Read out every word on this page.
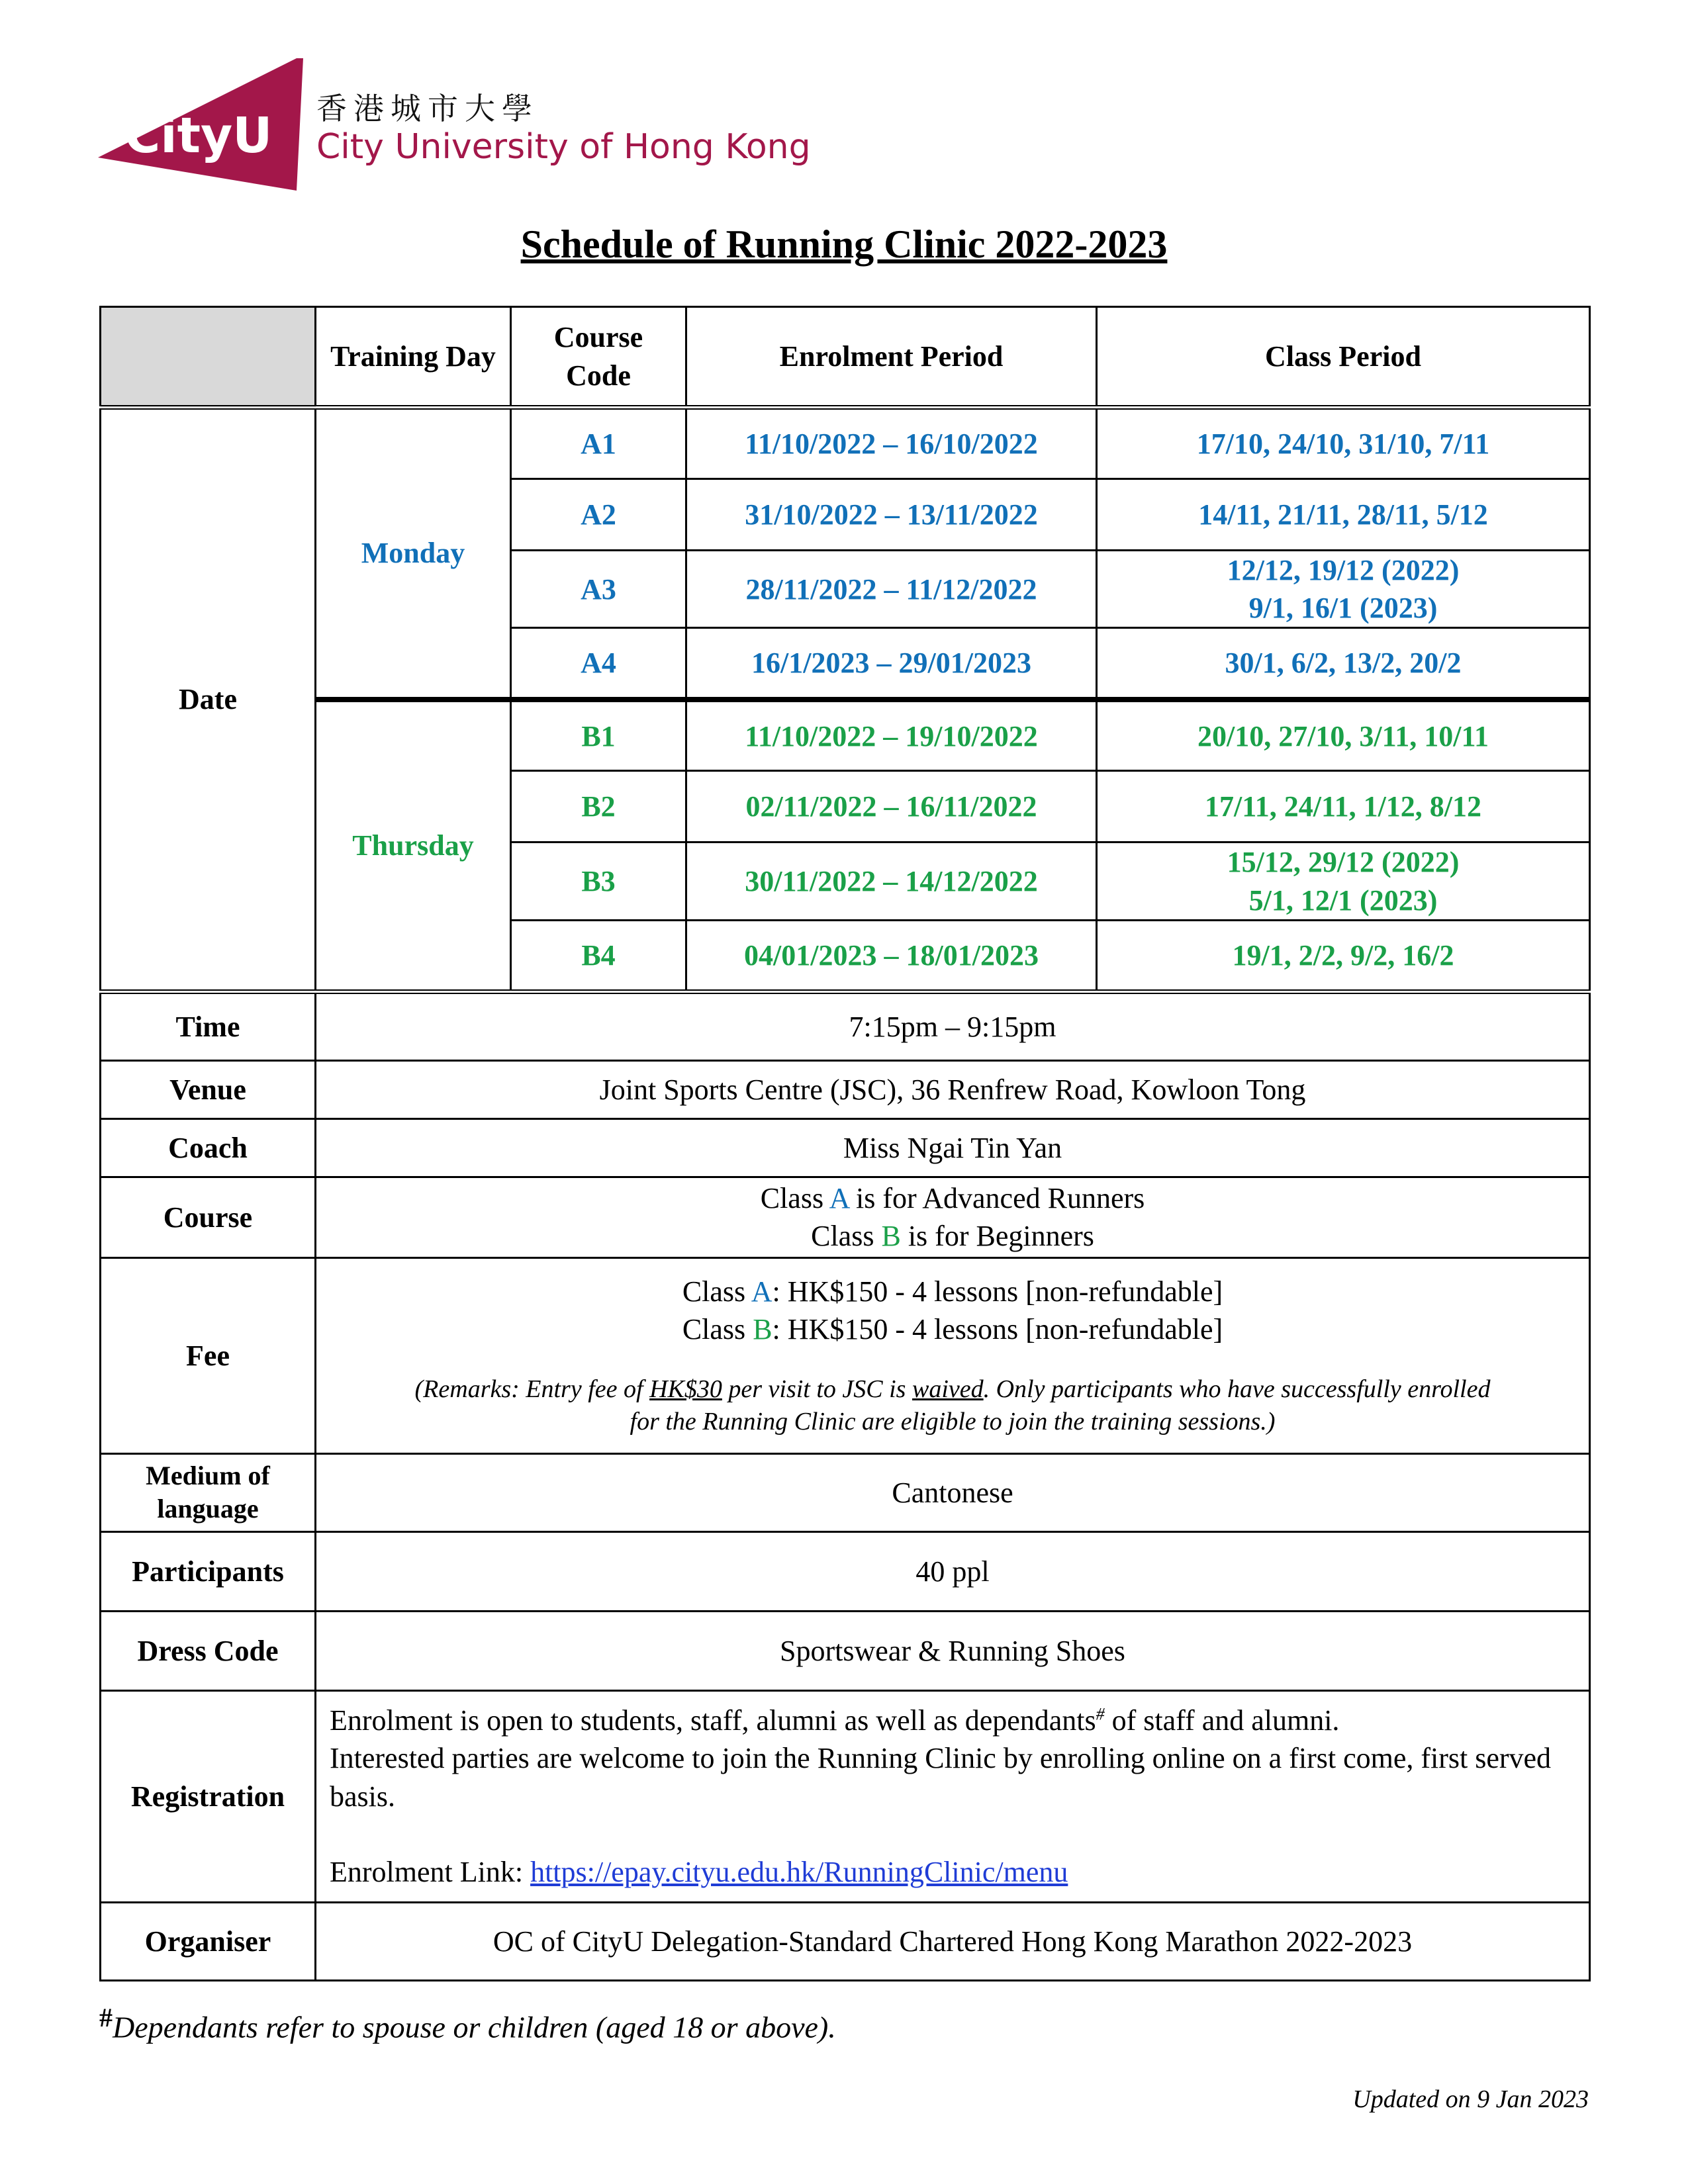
CityU 香港城市大學
City University of Hong Kong
Schedule of Running Clinic 2022-2023
	Training Day	Course Code	Enrolment Period	Class Period
Date	Monday	A1	11/10/2022 – 16/10/2022	17/10, 24/10, 31/10, 7/11
		A2	31/10/2022 – 13/11/2022	14/11, 21/11, 28/11, 5/12
		A3	28/11/2022 – 11/12/2022	12/12, 19/12 (2022)
9/1, 16/1 (2023)
		A4	16/1/2023 – 29/01/2023	30/1, 6/2, 13/2, 20/2
	Thursday	B1	11/10/2022 – 19/10/2022	20/10, 27/10, 3/11, 10/11
		B2	02/11/2022 – 16/11/2022	17/11, 24/11, 1/12, 8/12
		B3	30/11/2022 – 14/12/2022	15/12, 29/12 (2022)
5/1, 12/1 (2023)
		B4	04/01/2023 – 18/01/2023	19/1, 2/2, 9/2, 16/2
Time	7:15pm – 9:15pm			
Venue	Joint Sports Centre (JSC), 36 Renfrew Road, Kowloon Tong			
Coach	Miss Ngai Tin Yan			
Course	Class A is for Advanced Runners
Class B is for Beginners			
Fee	Class A: HK$150 - 4 lessons [non-refundable]
Class B: HK$150 - 4 lessons [non-refundable]
(Remarks: Entry fee of HK$30 per visit to JSC is waived. Only participants who have successfully enrolled
for the Running Clinic are eligible to join the training sessions.)			

Medium of
language	Cantonese			
Participants	40 ppl			
Dress Code	Sportswear & Running Shoes			
Registration	Enrolment is open to students, staff, alumni as well as dependants# of staff and alumni.
Interested parties are welcome to join the Running Clinic by enrolling online on a first come, first served basis.

Enrolment Link: https://epay.cityu.edu.hk/RunningClinic/menu			
Organiser	OC of CityU Delegation-Standard Chartered Hong Kong Marathon 2022-2023			
#Dependants refer to spouse or children (aged 18 or above).
Updated on 9 Jan 2023
